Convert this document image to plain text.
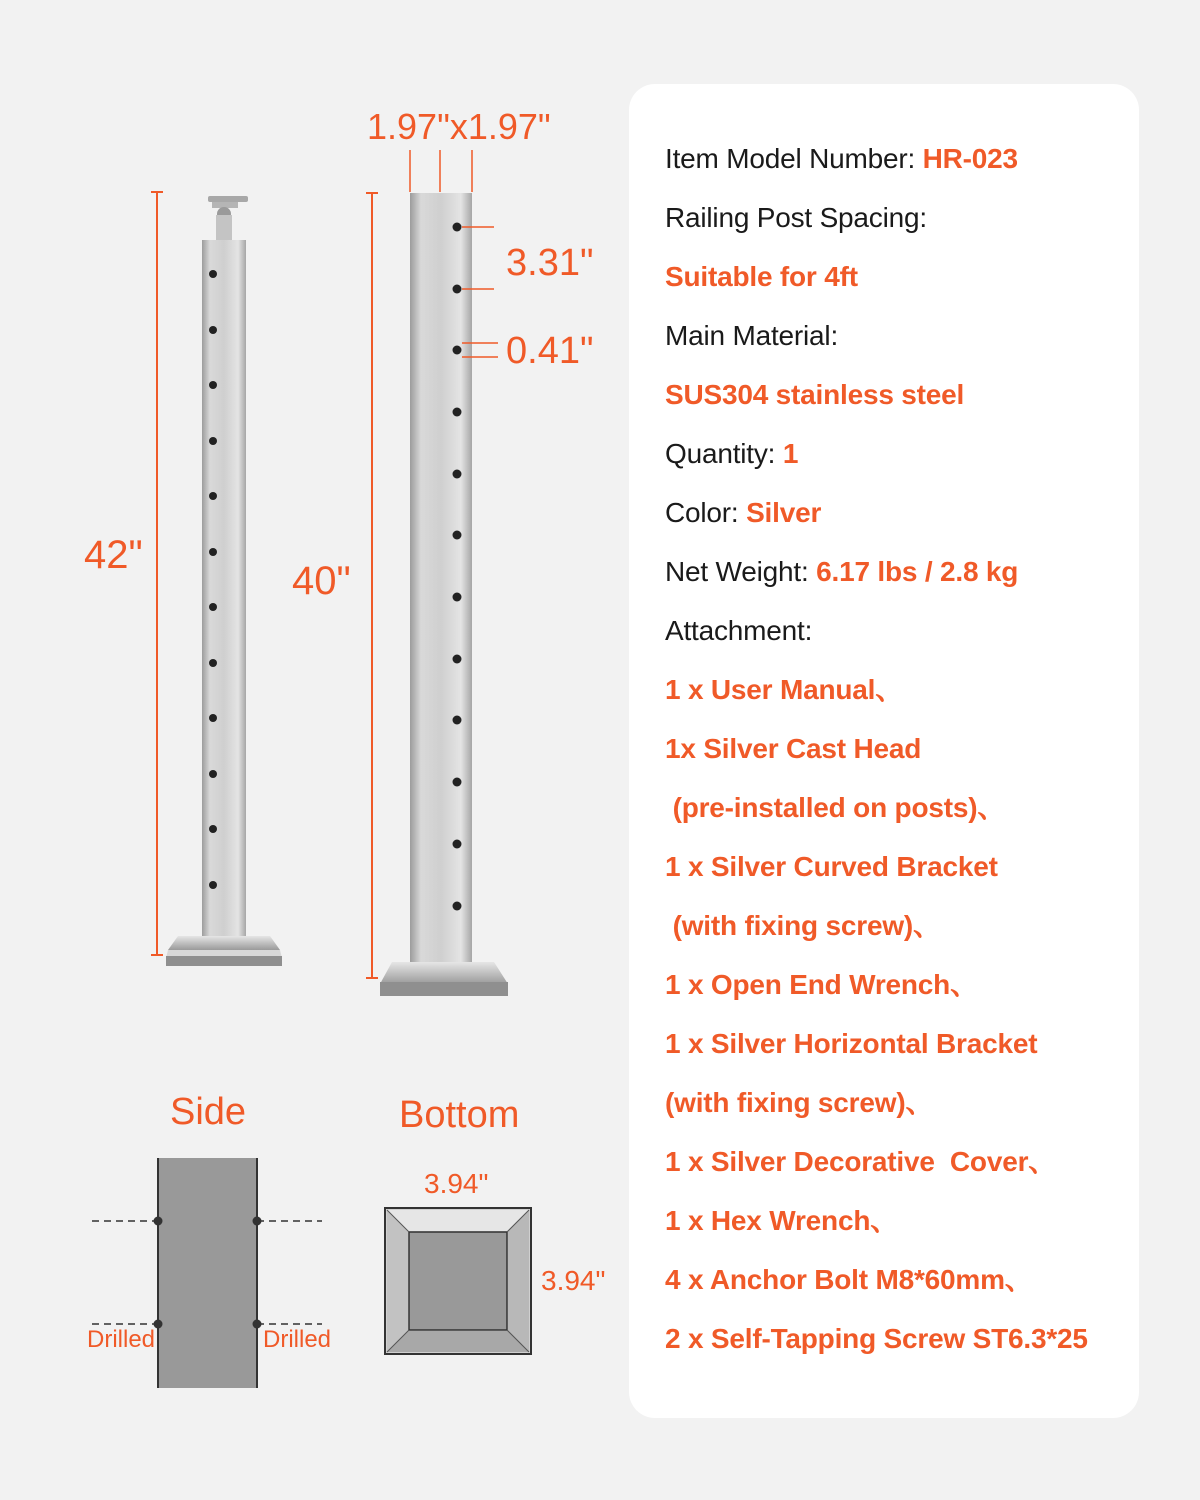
1.97"x1.97"
3.31"
0.41"
42"
40"
Side	Bottom
Drilled	Drilled
3.94"
3.94"
Item Model Number: HR-023
Railing Post Spacing:
Suitable for 4ft
Main Material:
SUS304 stainless steel
Quantity: 1
Color: Silver
Net Weight: 6.17 lbs / 2.8 kg
Attachment:
1 x User Manual、
1x Silver Cast Head
(pre-installed on posts)、
1 x Silver Curved Bracket
(with fixing screw)、
1 x Open End Wrench、
1 x Silver Horizontal Bracket
(with fixing screw)、
1 x Silver Decorative  Cover、
1 x Hex Wrench、
4 x Anchor Bolt M8*60mm、
2 x Self-Tapping Screw ST6.3*25
